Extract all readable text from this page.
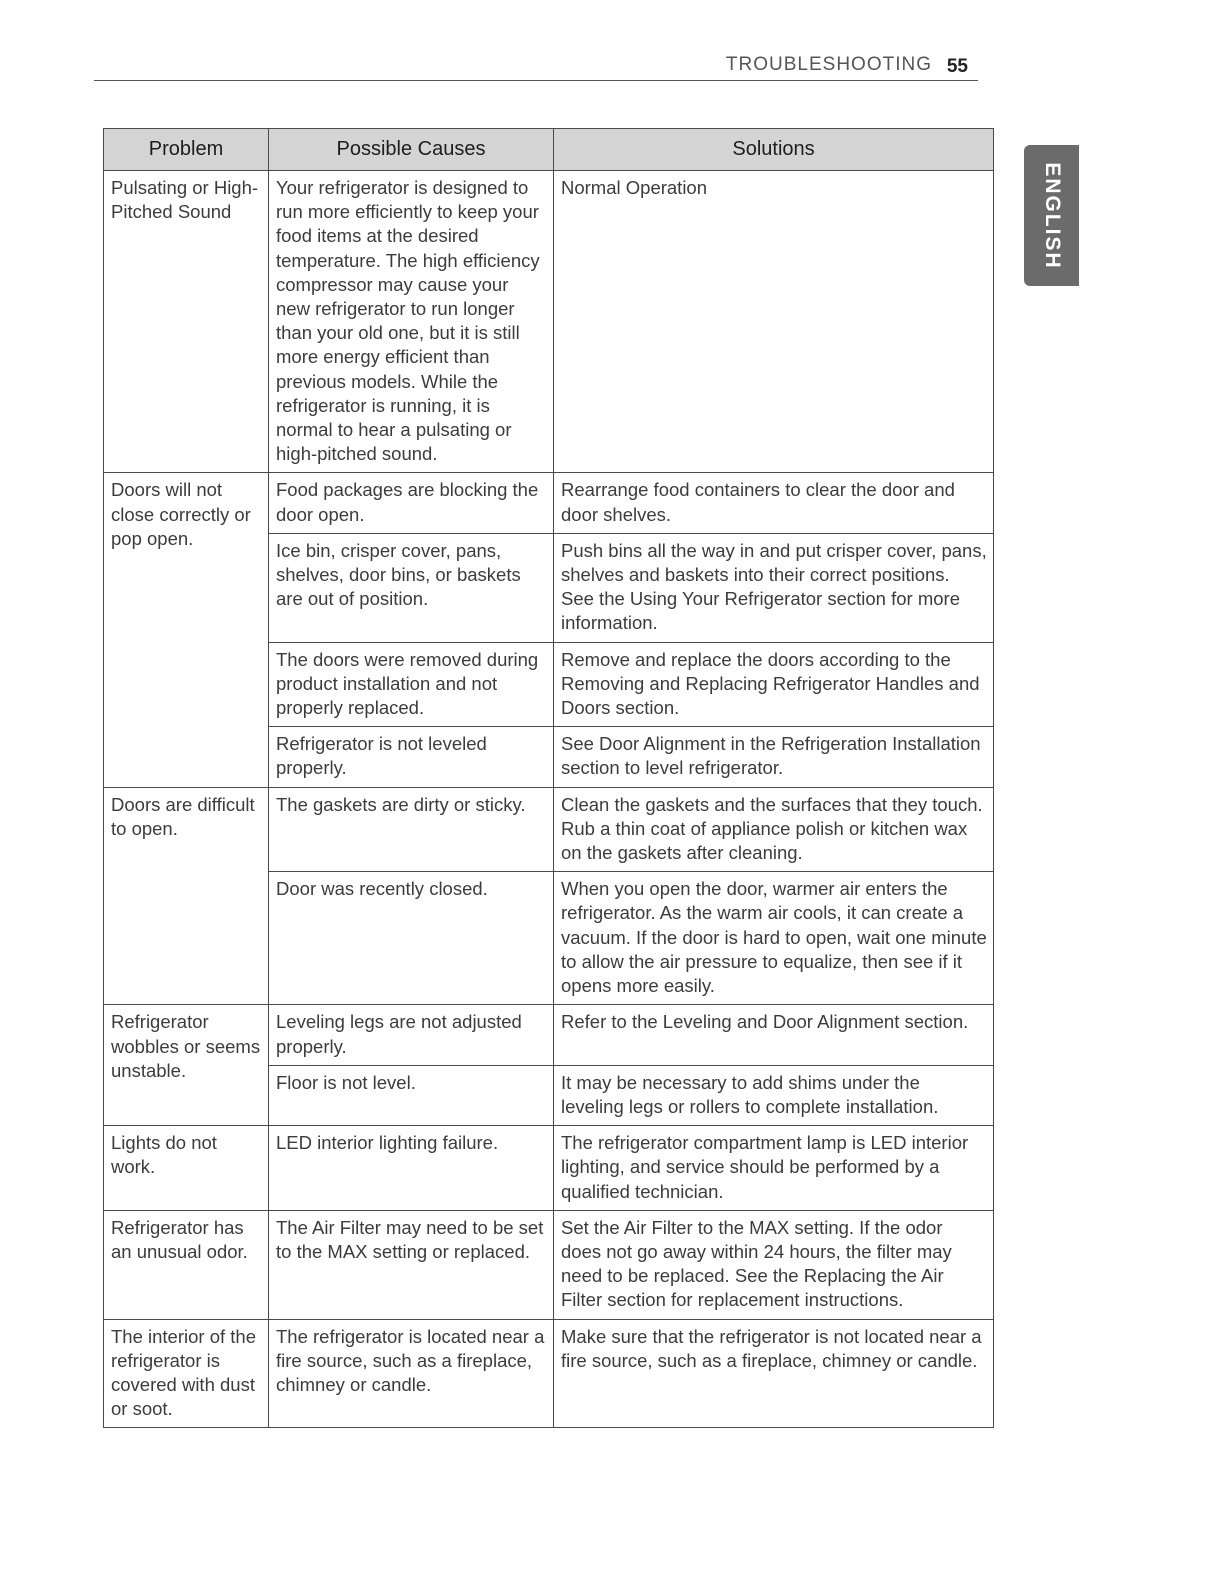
TROUBLESHOOTING 55
ENGLISH
Problem	Possible Causes	Solutions
Pulsating or High-Pitched Sound	Your refrigerator is designed to run more efficiently to keep your food items at the desired temperature. The high efficiency compressor may cause your new refrigerator to run longer than your old one, but it is still more energy efficient than previous models. While the refrigerator is running, it is normal to hear a pulsating or high-pitched sound.	Normal Operation
Doors will not close correctly or pop open.	Food packages are blocking the door open.	Rearrange food containers to clear the door and door shelves.
	Ice bin, crisper cover, pans, shelves, door bins, or baskets are out of position.	Push bins all the way in and put crisper cover, pans, shelves and baskets into their correct positions. See the Using Your Refrigerator section for more information.
	The doors were removed during product installation and not properly replaced.	Remove and replace the doors according to the Removing and Replacing Refrigerator Handles and Doors section.
	Refrigerator is not leveled properly.	See Door Alignment in the Refrigeration Installation section to level refrigerator.
Doors are difficult to open.	The gaskets are dirty or sticky.	Clean the gaskets and the surfaces that they touch. Rub a thin coat of appliance polish or kitchen wax on the gaskets after cleaning.
	Door was recently closed.	When you open the door, warmer air enters the refrigerator. As the warm air cools, it can create a vacuum. If the door is hard to open, wait one minute to allow the air pressure to equalize, then see if it opens more easily.
Refrigerator wobbles or seems unstable.	Leveling legs are not adjusted properly.	Refer to the Leveling and Door Alignment section.
	Floor is not level.	It may be necessary to add shims under the leveling legs or rollers to complete installation.
Lights do not work.	LED interior lighting failure.	The refrigerator compartment lamp is LED interior lighting, and service should be performed by a qualified technician.
Refrigerator has an unusual odor.	The Air Filter may need to be set to the MAX setting or replaced.	Set the Air Filter to the MAX setting. If the odor does not go away within 24 hours, the filter may need to be replaced. See the Replacing the Air Filter section for replacement instructions.
The interior of the refrigerator is covered with dust or soot.	The refrigerator is located near a fire source, such as a fireplace, chimney or candle.	Make sure that the refrigerator is not located near a fire source, such as a fireplace, chimney or candle.
